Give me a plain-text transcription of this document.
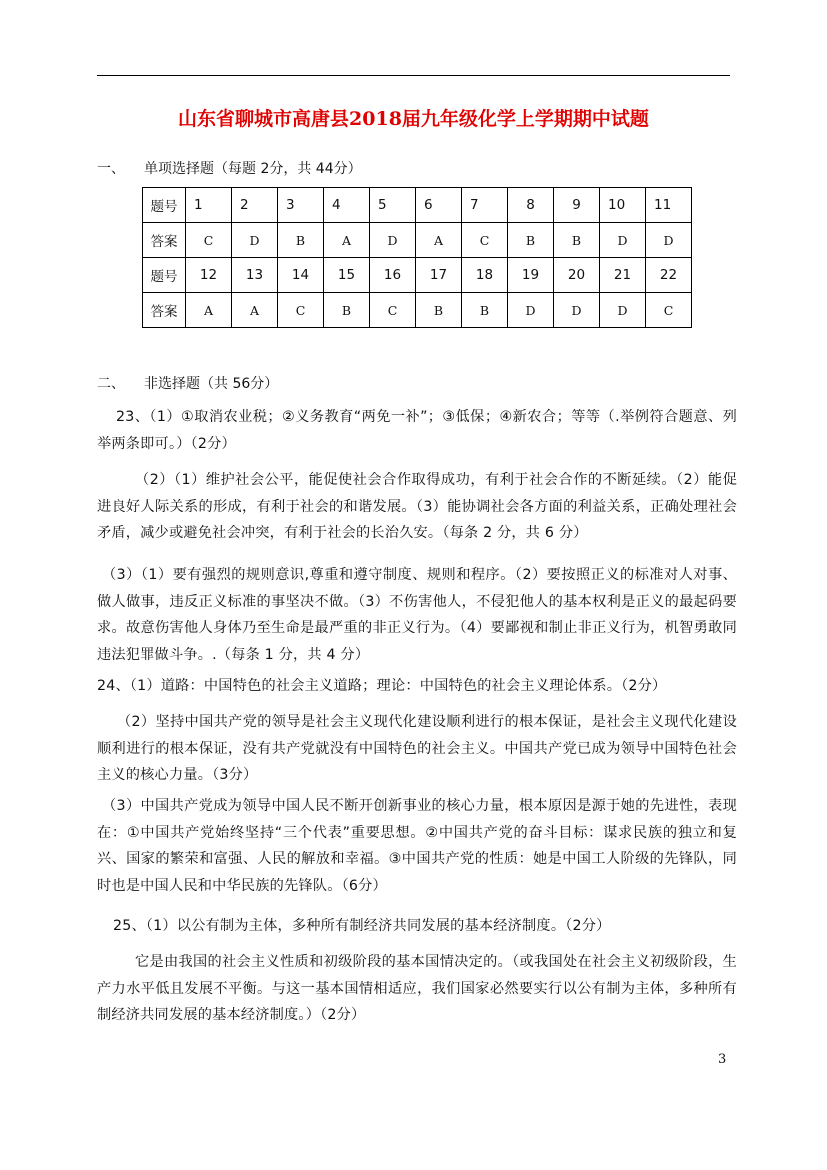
山东省聊城市高唐县2018届九年级化学上学期期中试题
一、 单项选择题（每题 2分，共 44分）
题号	1	2	3	4	5	6	7	8	9	10	11
答案	C	D	B	A	D	A	C	B	B	D	D
题号	12	13	14	15	16	17	18	19	20	21	22
答案	A	A	C	B	C	B	B	D	D	D	C
二、 非选择题（共 56分）
23、（1）①取消农业税；②义务教育“两免一补”；③低保；④新农合；等等（.举例符合题意、列举两条即可。）（2分）
（2）（1）维护社会公平，能促使社会合作取得成功，有利于社会合作的不断延续。（2）能促进良好人际关系的形成，有利于社会的和谐发展。（3）能协调社会各方面的利益关系，正确处理社会矛盾，减少或避免社会冲突，有利于社会的长治久安。（每条 2 分，共 6 分）
（3）（1）要有强烈的规则意识,尊重和遵守制度、规则和程序。（2）要按照正义的标准对人对事、做人做事，违反正义标准的事坚决不做。（3）不伤害他人，不侵犯他人的基本权利是正义的最起码要求。故意伤害他人身体乃至生命是最严重的非正义行为。（4）要鄙视和制止非正义行为，机智勇敢同违法犯罪做斗争。.（每条 1 分，共 4 分）
24、（1）道路：中国特色的社会主义道路；理论：中国特色的社会主义理论体系。（2分）
（2）坚持中国共产党的领导是社会主义现代化建设顺利进行的根本保证，是社会主义现代化建设顺利进行的根本保证，没有共产党就没有中国特色的社会主义。中国共产党已成为领导中国特色社会主义的核心力量。（3分）
（3）中国共产党成为领导中国人民不断开创新事业的核心力量，根本原因是源于她的先进性，表现在：①中国共产党始终坚持“三个代表”重要思想。②中国共产党的奋斗目标：谋求民族的独立和复兴、国家的繁荣和富强、人民的解放和幸福。③中国共产党的性质：她是中国工人阶级的先锋队，同时也是中国人民和中华民族的先锋队。（6分）
25、（1）以公有制为主体，多种所有制经济共同发展的基本经济制度。（2分）
它是由我国的社会主义性质和初级阶段的基本国情决定的。（或我国处在社会主义初级阶段，生产力水平低且发展不平衡。与这一基本国情相适应，我们国家必然要实行以公有制为主体，多种所有制经济共同发展的基本经济制度。）（2分）
3
